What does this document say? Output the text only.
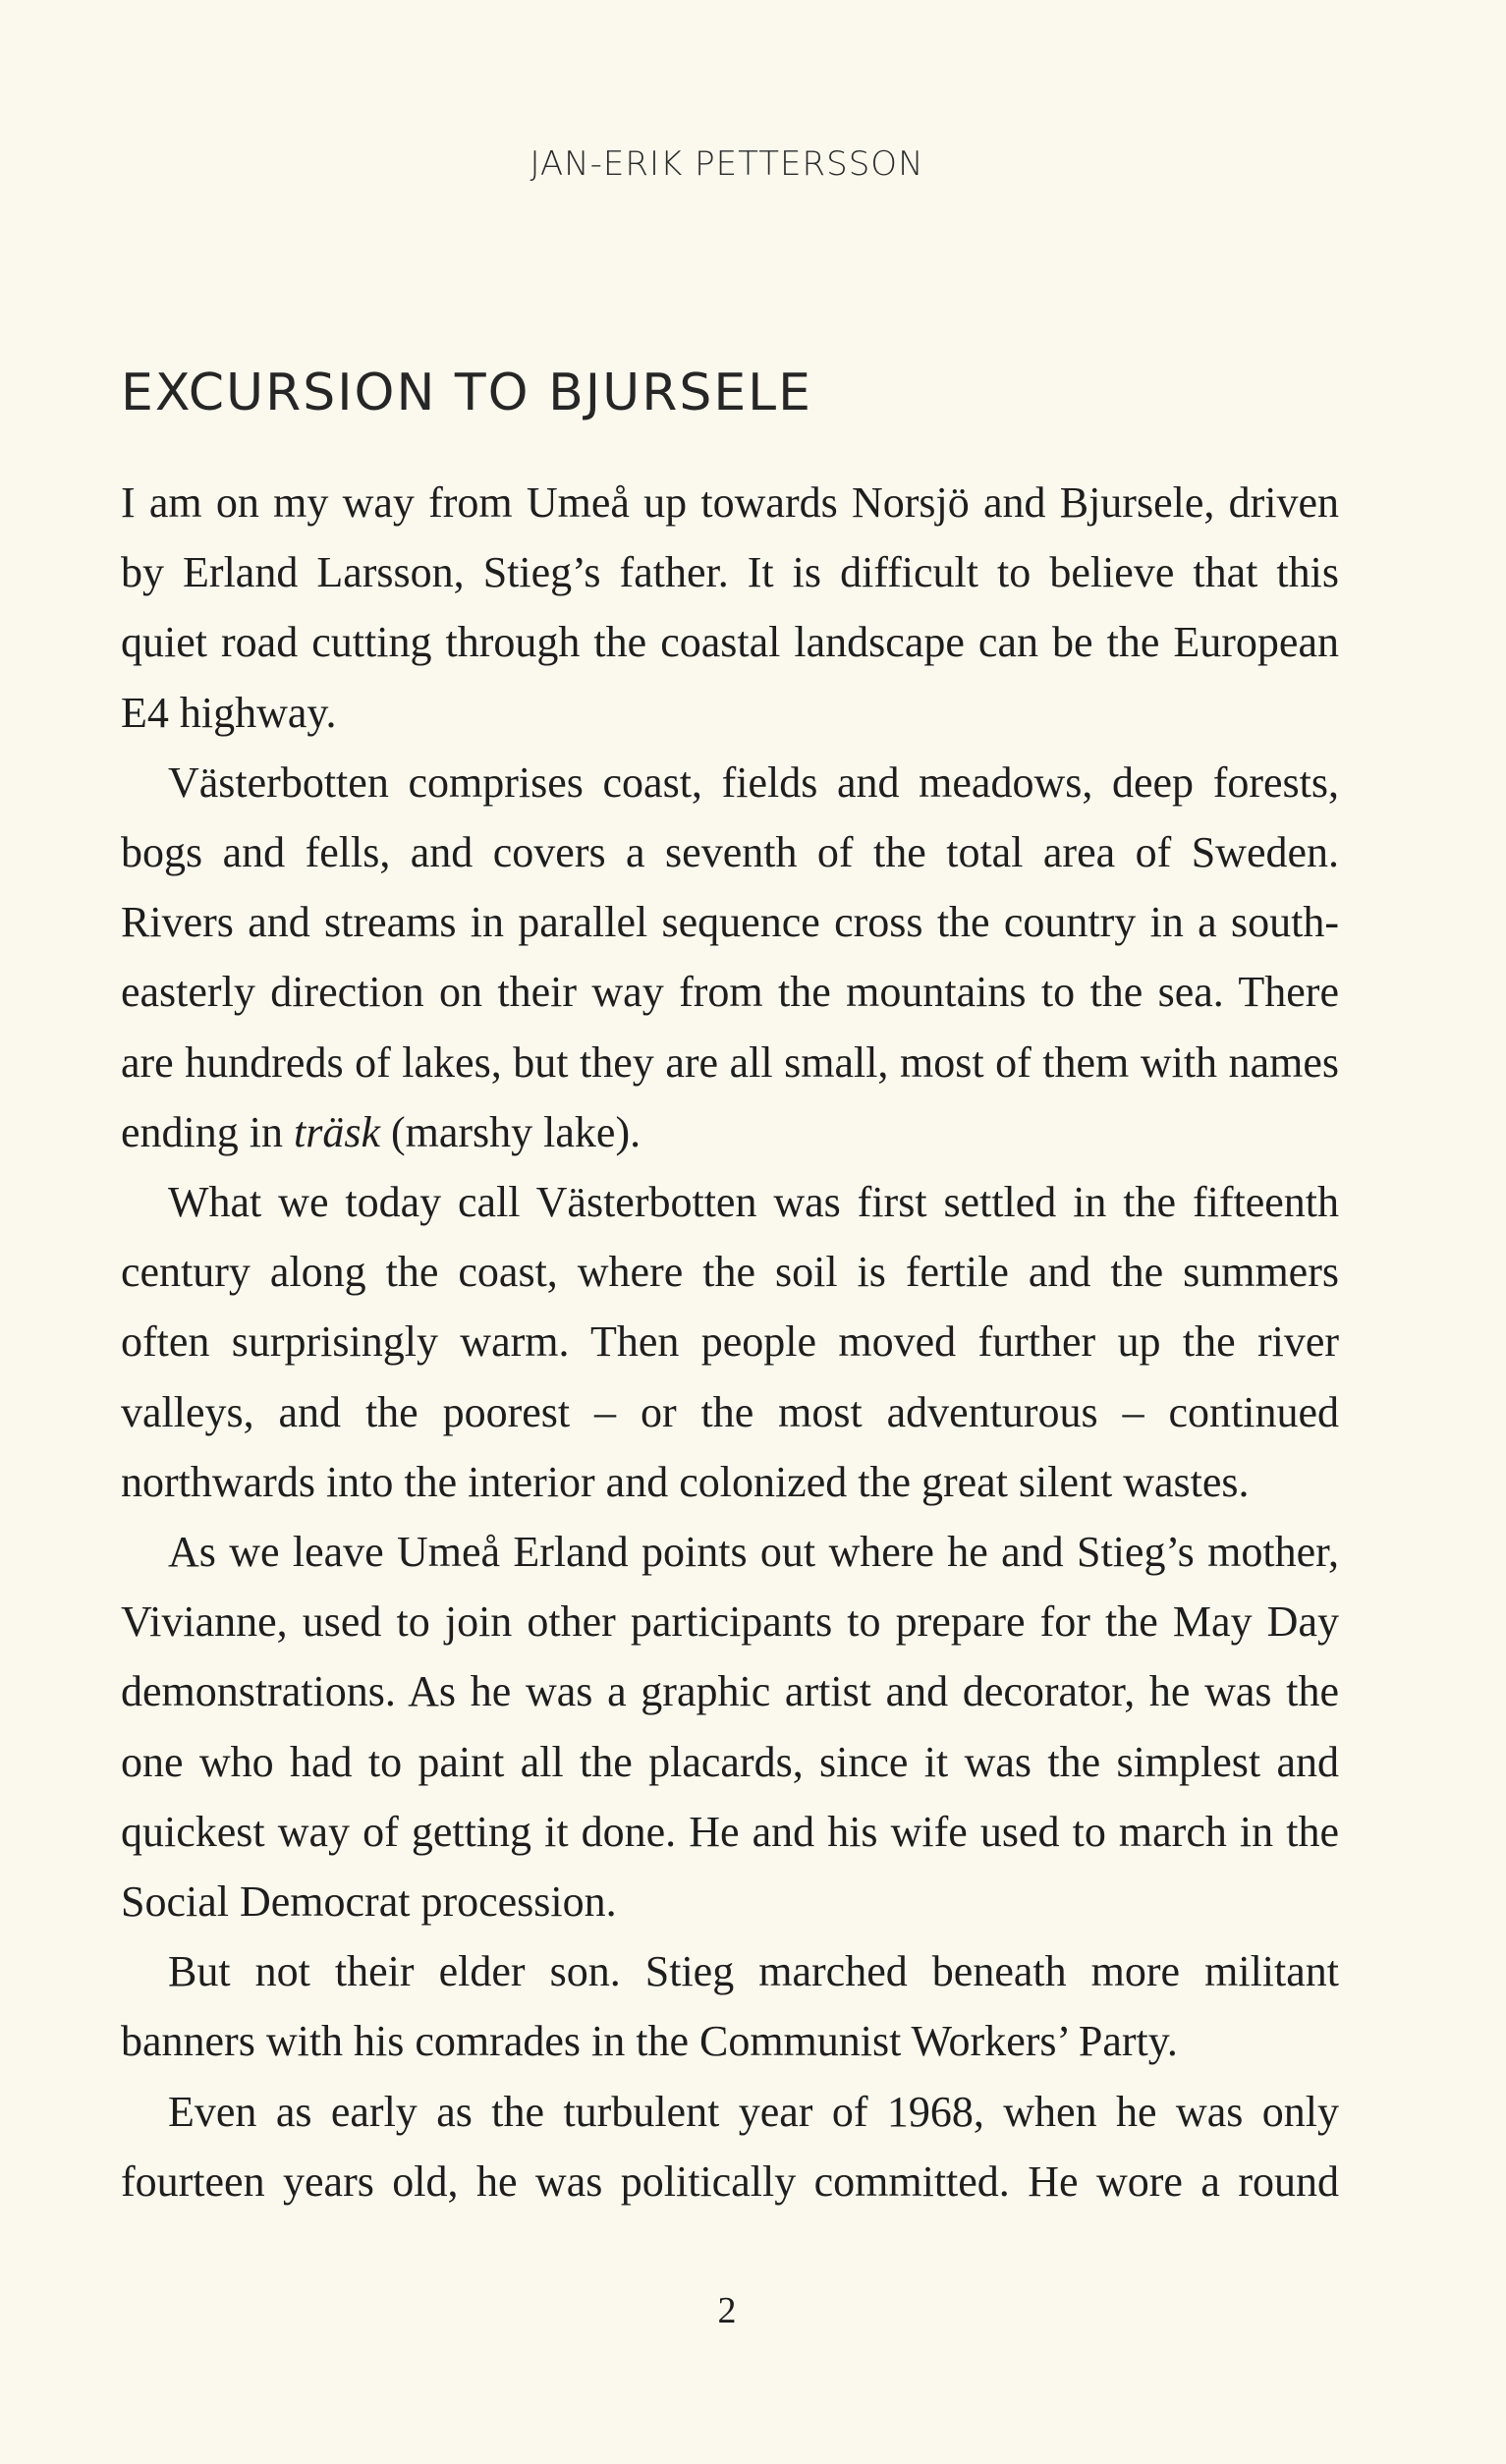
JAN-ERIK PETTERSSON
EXCURSION TO BJURSELE

I am on my way from Umeå up towards Norsjö and Bjursele, driven by Erland Larsson, Stieg’s father. It is difficult to believe that this quiet road cutting through the coastal landscape can be the European E4 highway.

Västerbotten comprises coast, fields and meadows, deep forests, bogs and fells, and covers a seventh of the total area of Sweden. Rivers and streams in parallel sequence cross the country in a southeasterly direction on their way from the mountains to the sea. There are hundreds of lakes, but they are all small, most of them with names ending in träsk (marshy lake).

What we today call Västerbotten was first settled in the fifteenth century along the coast, where the soil is fertile and the summers often surprisingly warm. Then people moved further up the river valleys, and the poorest – or the most adventurous – continued northwards into the interior and colonized the great silent wastes.

As we leave Umeå Erland points out where he and Stieg’s mother, Vivianne, used to join other participants to prepare for the May Day demonstrations. As he was a graphic artist and decorator, he was the one who had to paint all the placards, since it was the simplest and quickest way of getting it done. He and his wife used to march in the Social Democrat procession.

But not their elder son. Stieg marched beneath more militant banners with his comrades in the Communist Workers’ Party.

Even as early as the turbulent year of 1968, when he was only fourteen years old, he was politically committed. He wore a round

2
